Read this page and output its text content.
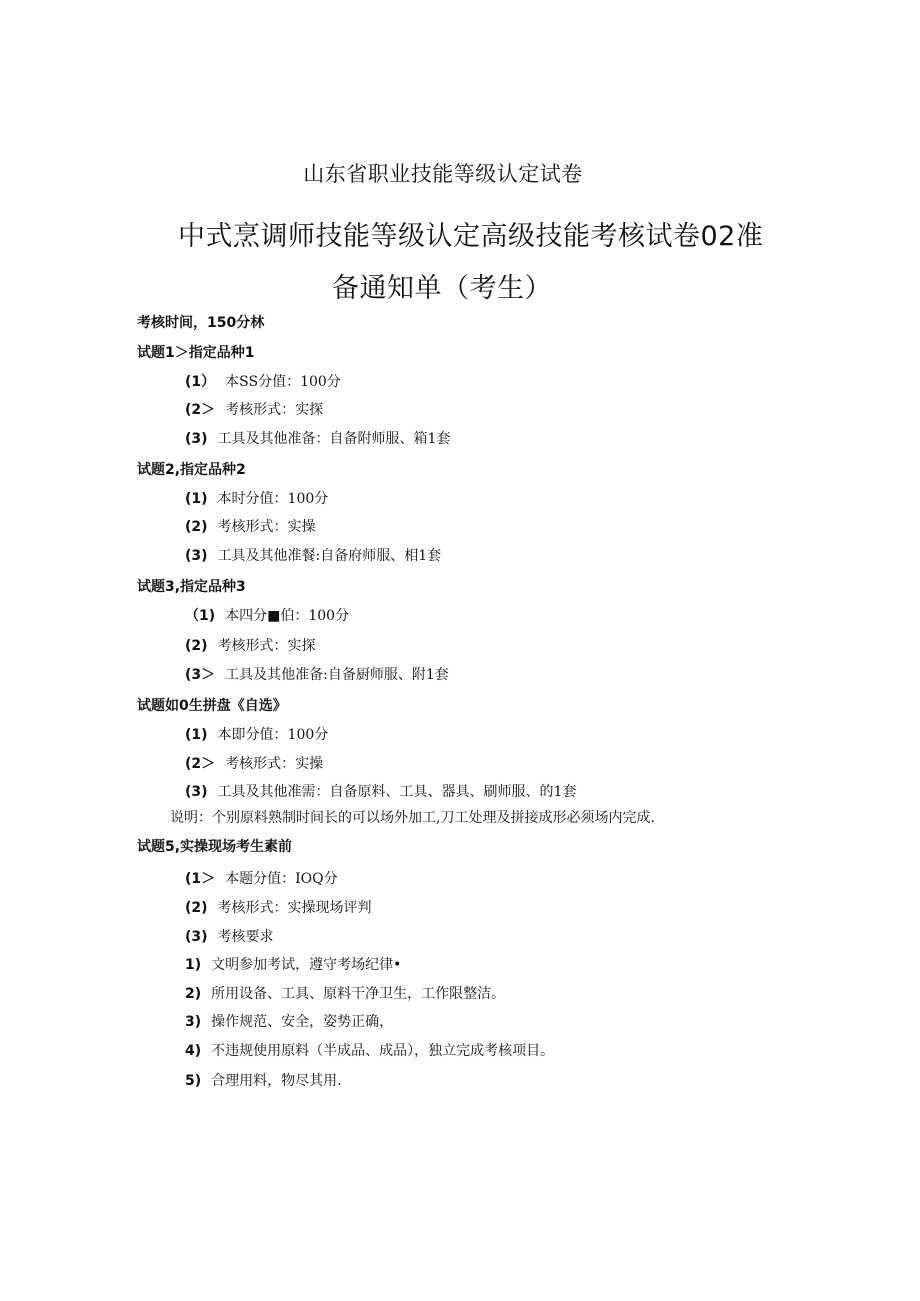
山东省职业技能等级认定试卷
中式烹调师技能等级认定高级技能考核试卷02准
备通知单（考生）
考核时间，150分林
试题1＞指定品种1
(1） 本SS分值：100分
(2＞ 考核形式：实探
(3) 工具及其他准备：自备附师服、箱1套
试题2,指定品种2
(1) 本时分值：100分
(2) 考核形式：实操
(3) 工具及其他准餐:自备府师服、相1套
试题3,指定品种3
（1) 本四分■伯：100分
(2) 考核形式：实探
(3＞ 工具及其他准备:自备厨师服、附1套
试题如0生拼盘《自选》
(1) 本即分值：100分
(2＞ 考核形式：实操
(3) 工具及其他准需：自备原料、工具、器具、刷师服、的1套
说明：个别原料熟制时间长的可以场外加工,刀工处理及拼接成形必须场内完成.
试题5,实操现场考生素前
(1＞ 本题分值：IOQ分
(2) 考核形式：实操现场评判
(3) 考核要求
1) 文明参加考试，遵守考场纪律•
2) 所用设备、工具、原料干净卫生，工作限整洁。
3) 操作规范、安全，姿势正确，
4) 不违规使用原料（半成品、成品），独立完成考核项目。
5) 合理用料，物尽其用.
